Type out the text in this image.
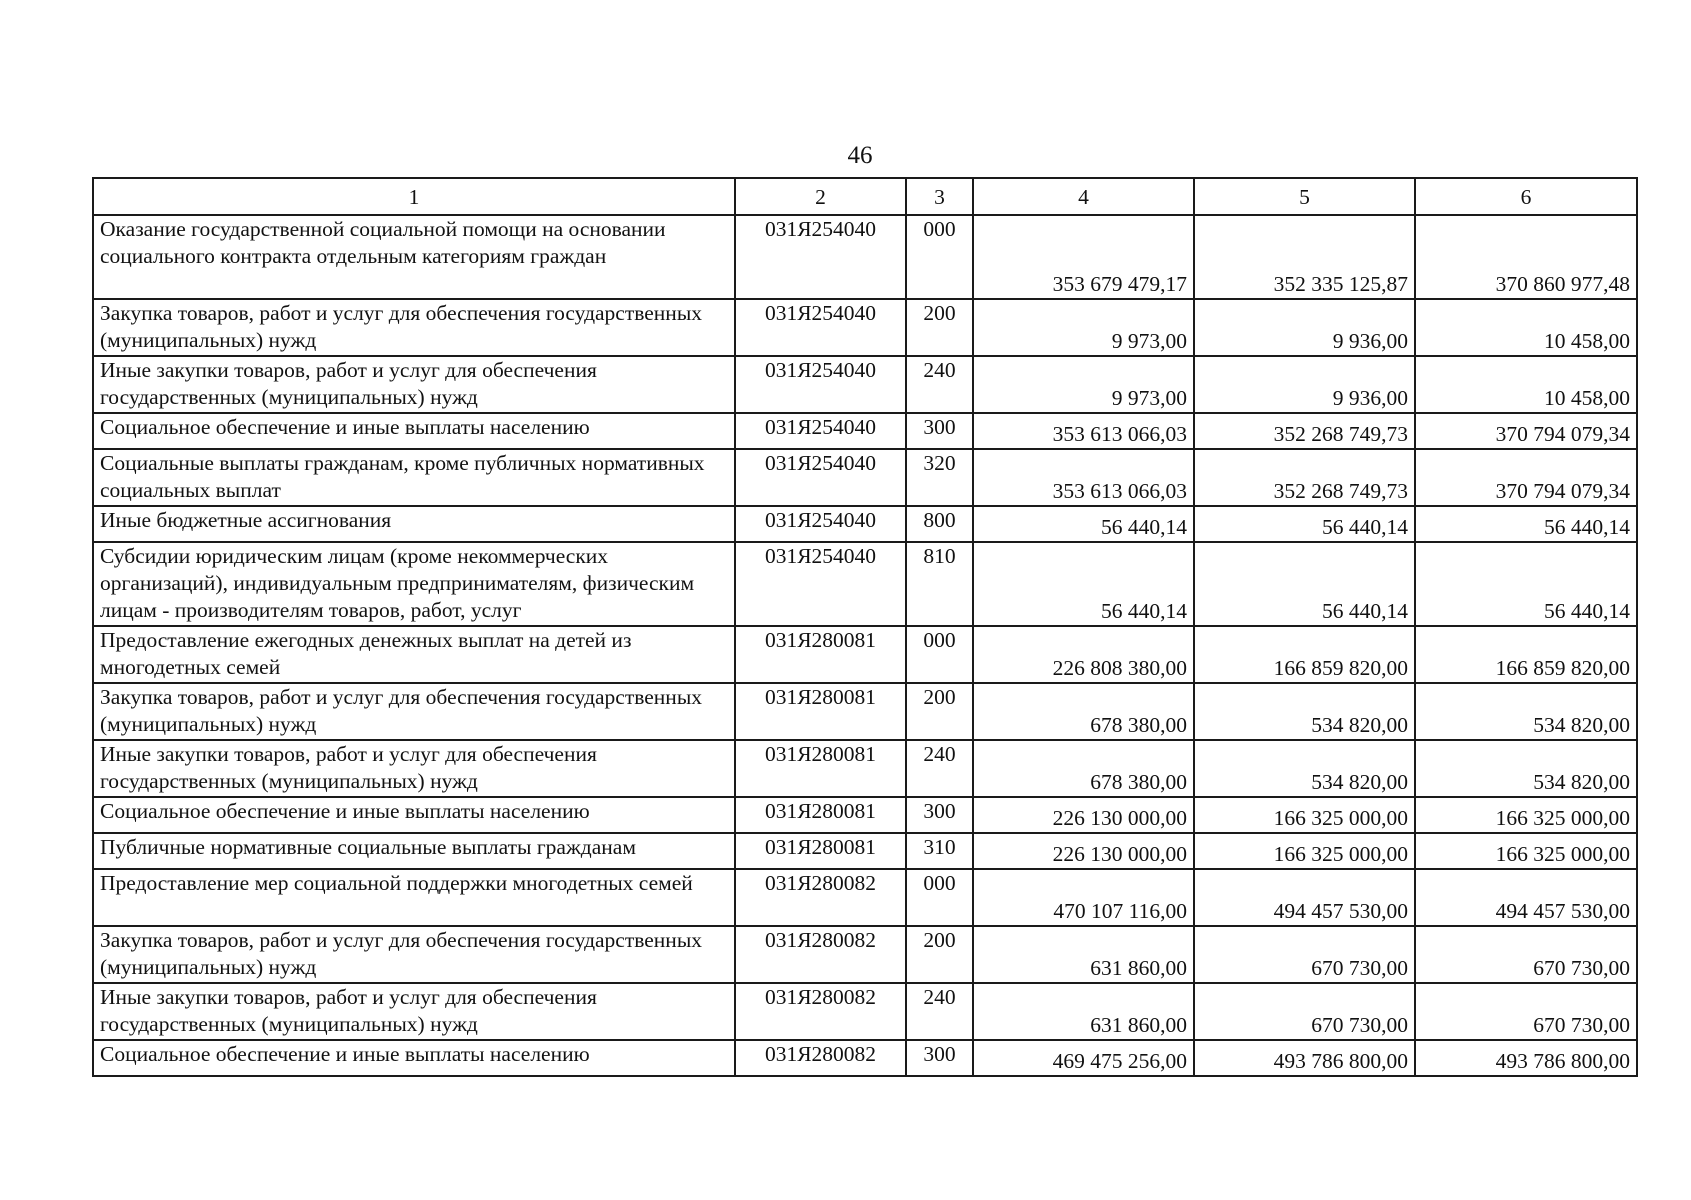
46
1	2	3	4	5	6
Оказание государственной социальной помощи на основании социального контракта отдельным категориям граждан	031Я254040	000	353 679 479,17	352 335 125,87	370 860 977,48
Закупка товаров, работ и услуг для обеспечения государственных (муниципальных) нужд	031Я254040	200	9 973,00	9 936,00	10 458,00
Иные закупки товаров, работ и услуг для обеспечения государственных (муниципальных) нужд	031Я254040	240	9 973,00	9 936,00	10 458,00
Социальное обеспечение и иные выплаты населению	031Я254040	300	353 613 066,03	352 268 749,73	370 794 079,34
Социальные выплаты гражданам, кроме публичных нормативных социальных выплат	031Я254040	320	353 613 066,03	352 268 749,73	370 794 079,34
Иные бюджетные ассигнования	031Я254040	800	56 440,14	56 440,14	56 440,14
Субсидии юридическим лицам (кроме некоммерческих организаций), индивидуальным предпринимателям, физическим лицам - производителям товаров, работ, услуг	031Я254040	810	56 440,14	56 440,14	56 440,14
Предоставление ежегодных денежных выплат на детей из многодетных семей	031Я280081	000	226 808 380,00	166 859 820,00	166 859 820,00
Закупка товаров, работ и услуг для обеспечения государственных (муниципальных) нужд	031Я280081	200	678 380,00	534 820,00	534 820,00
Иные закупки товаров, работ и услуг для обеспечения государственных (муниципальных) нужд	031Я280081	240	678 380,00	534 820,00	534 820,00
Социальное обеспечение и иные выплаты населению	031Я280081	300	226 130 000,00	166 325 000,00	166 325 000,00
Публичные нормативные социальные выплаты гражданам	031Я280081	310	226 130 000,00	166 325 000,00	166 325 000,00
Предоставление мер социальной поддержки многодетных семей	031Я280082	000	470 107 116,00	494 457 530,00	494 457 530,00
Закупка товаров, работ и услуг для обеспечения государственных (муниципальных) нужд	031Я280082	200	631 860,00	670 730,00	670 730,00
Иные закупки товаров, работ и услуг для обеспечения государственных (муниципальных) нужд	031Я280082	240	631 860,00	670 730,00	670 730,00
Социальное обеспечение и иные выплаты населению	031Я280082	300	469 475 256,00	493 786 800,00	493 786 800,00
